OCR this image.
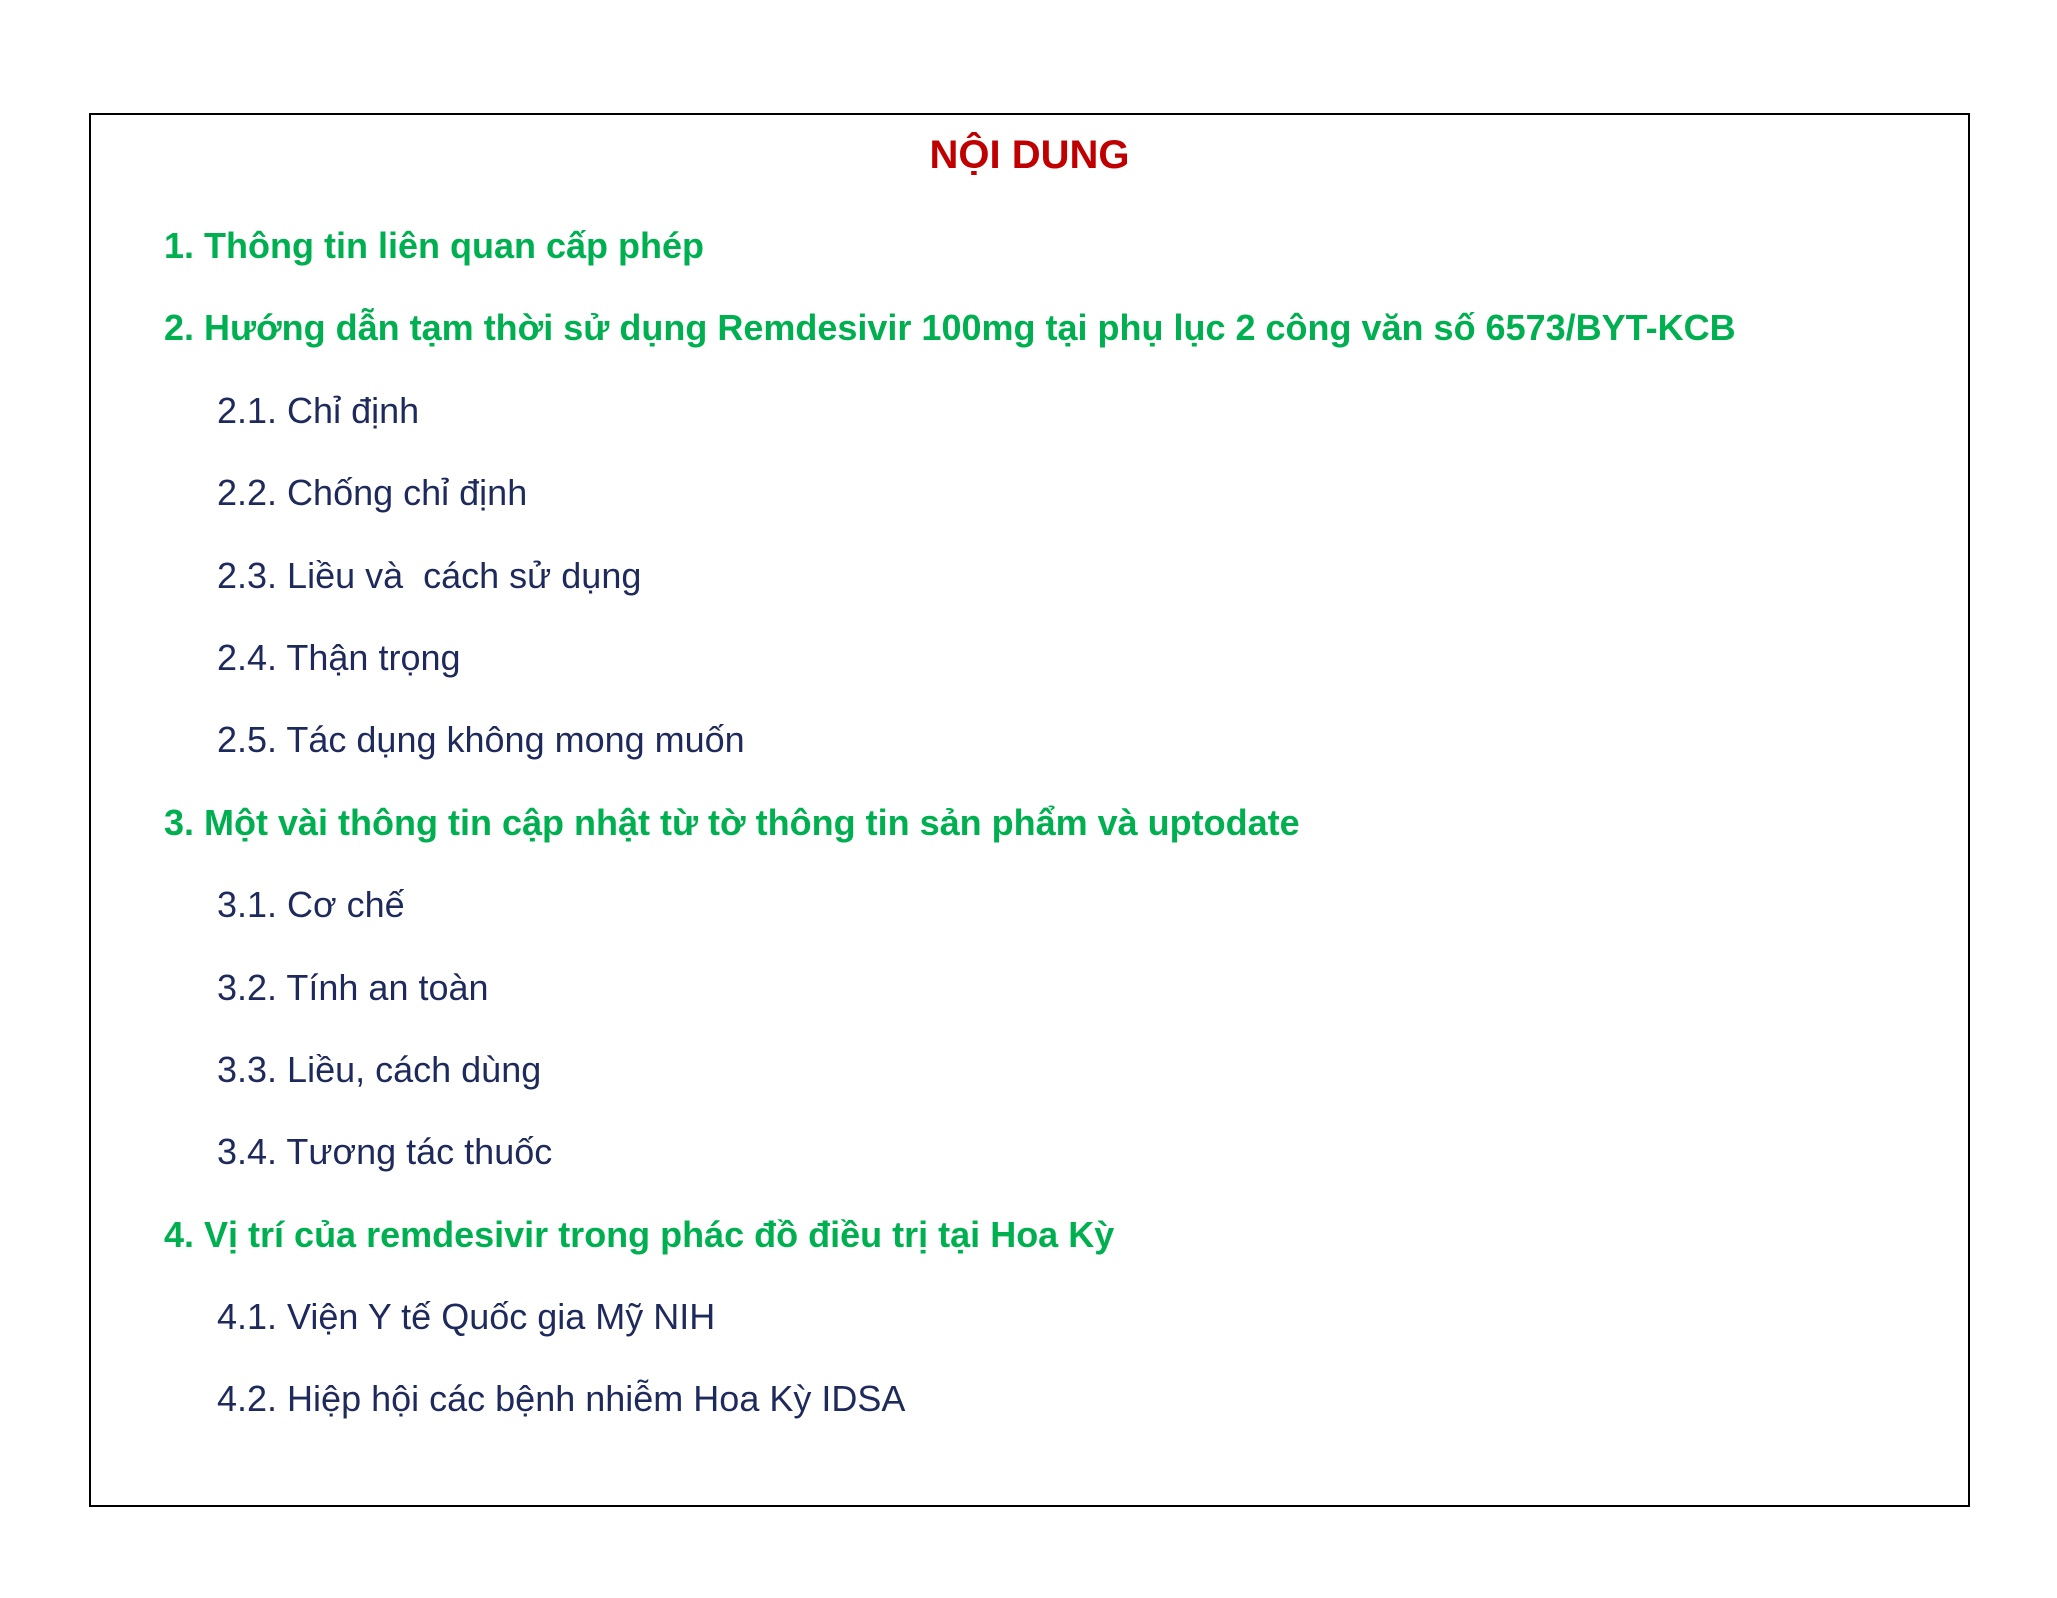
NỘI DUNG
1. Thông tin liên quan cấp phép
2. Hướng dẫn tạm thời sử dụng Remdesivir 100mg tại phụ lục 2 công văn số 6573/BYT-KCB
2.1. Chỉ định
2.2. Chống chỉ định
2.3. Liều và  cách sử dụng
2.4. Thận trọng
2.5. Tác dụng không mong muốn
3. Một vài thông tin cập nhật từ tờ thông tin sản phẩm và uptodate
3.1. Cơ chế
3.2. Tính an toàn
3.3. Liều, cách dùng
3.4. Tương tác thuốc
4. Vị trí của remdesivir trong phác đồ điều trị tại Hoa Kỳ
4.1. Viện Y tế Quốc gia Mỹ NIH
4.2. Hiệp hội các bệnh nhiễm Hoa Kỳ IDSA
